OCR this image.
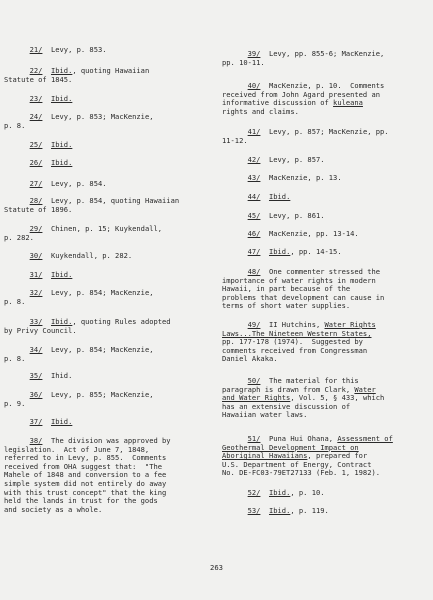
21/ Levy, p. 853.
22/ Ibid., quoting Hawaiian
Statute of 1845.
23/ Ibid.
24/ Levy, p. 853; MacKenzie,
p. 8.
25/ Ibid.
26/ Ibid.
27/ Levy, p. 854.
28/ Levy, p. 854, quoting Hawaiian
Statute of 1896.
29/ Chinen, p. 15; Kuykendall,
p. 282.
30/ Kuykendall, p. 282.
31/ Ibid.
32/ Levy, p. 854; MacKenzie,
p. 8.
33/ Ibid., quoting Rules adopted
by Privy Council.
34/ Levy, p. 854; MacKenzie,
p. 8.
35/ Ihid.
36/ Levy, p. 855; MacKenzie,
p. 9.
37/ Ibid.
38/ The division was approved by
legislation.  Act of June 7, 1848,
referred to in Levy, p. 855.  Comments
received from OHA suggest that:  "The
Mahele of 1848 and conversion to a fee
simple system did not entirely do away
with this trust concept" that the king
held the lands in trust for the gods
and society as a whole.
39/ Levy, pp. 855-6; MacKenzie,
pp. 10-11.
40/ MacKenzie, p. 10.  Comments
received from John Agard presented an
informative discussion of kuleana
rights and claims.
41/ Levy, p. 857; MacKenzie, pp.
11-12.
42/ Levy, p. 857.
43/ MacKenzie, p. 13.
44/ Ibid.
45/ Levy, p. 861.
46/ MacKenzie, pp. 13-14.
47/ Ibid., pp. 14-15.
48/ One commenter stressed the
importance of water rights in modern
Hawaii, in part because of the
problems that development can cause in
terms of short water supplies.
49/ II Hutchins, Water Rights
Laws...The Nineteen Western States,
pp. 177-178 (1974).  Suggested by
comments received from Congressman
Daniel Akaka.
50/ The material for this
paragraph is drawn from Clark, Water
and Water Rights, Vol. 5, § 433, which
has an extensive discussion of
Hawaiian water laws.
51/ Puna Hui Ohana, Assessment of
Geothermal Development Impact on
Aboriginal Hawaiians, prepared for
U.S. Department of Energy, Contract
No. DE-FC03-79ET27133 (Feb. 1, 1982).
52/ Ibid., p. 10.
53/ Ibid., p. 119.
263
